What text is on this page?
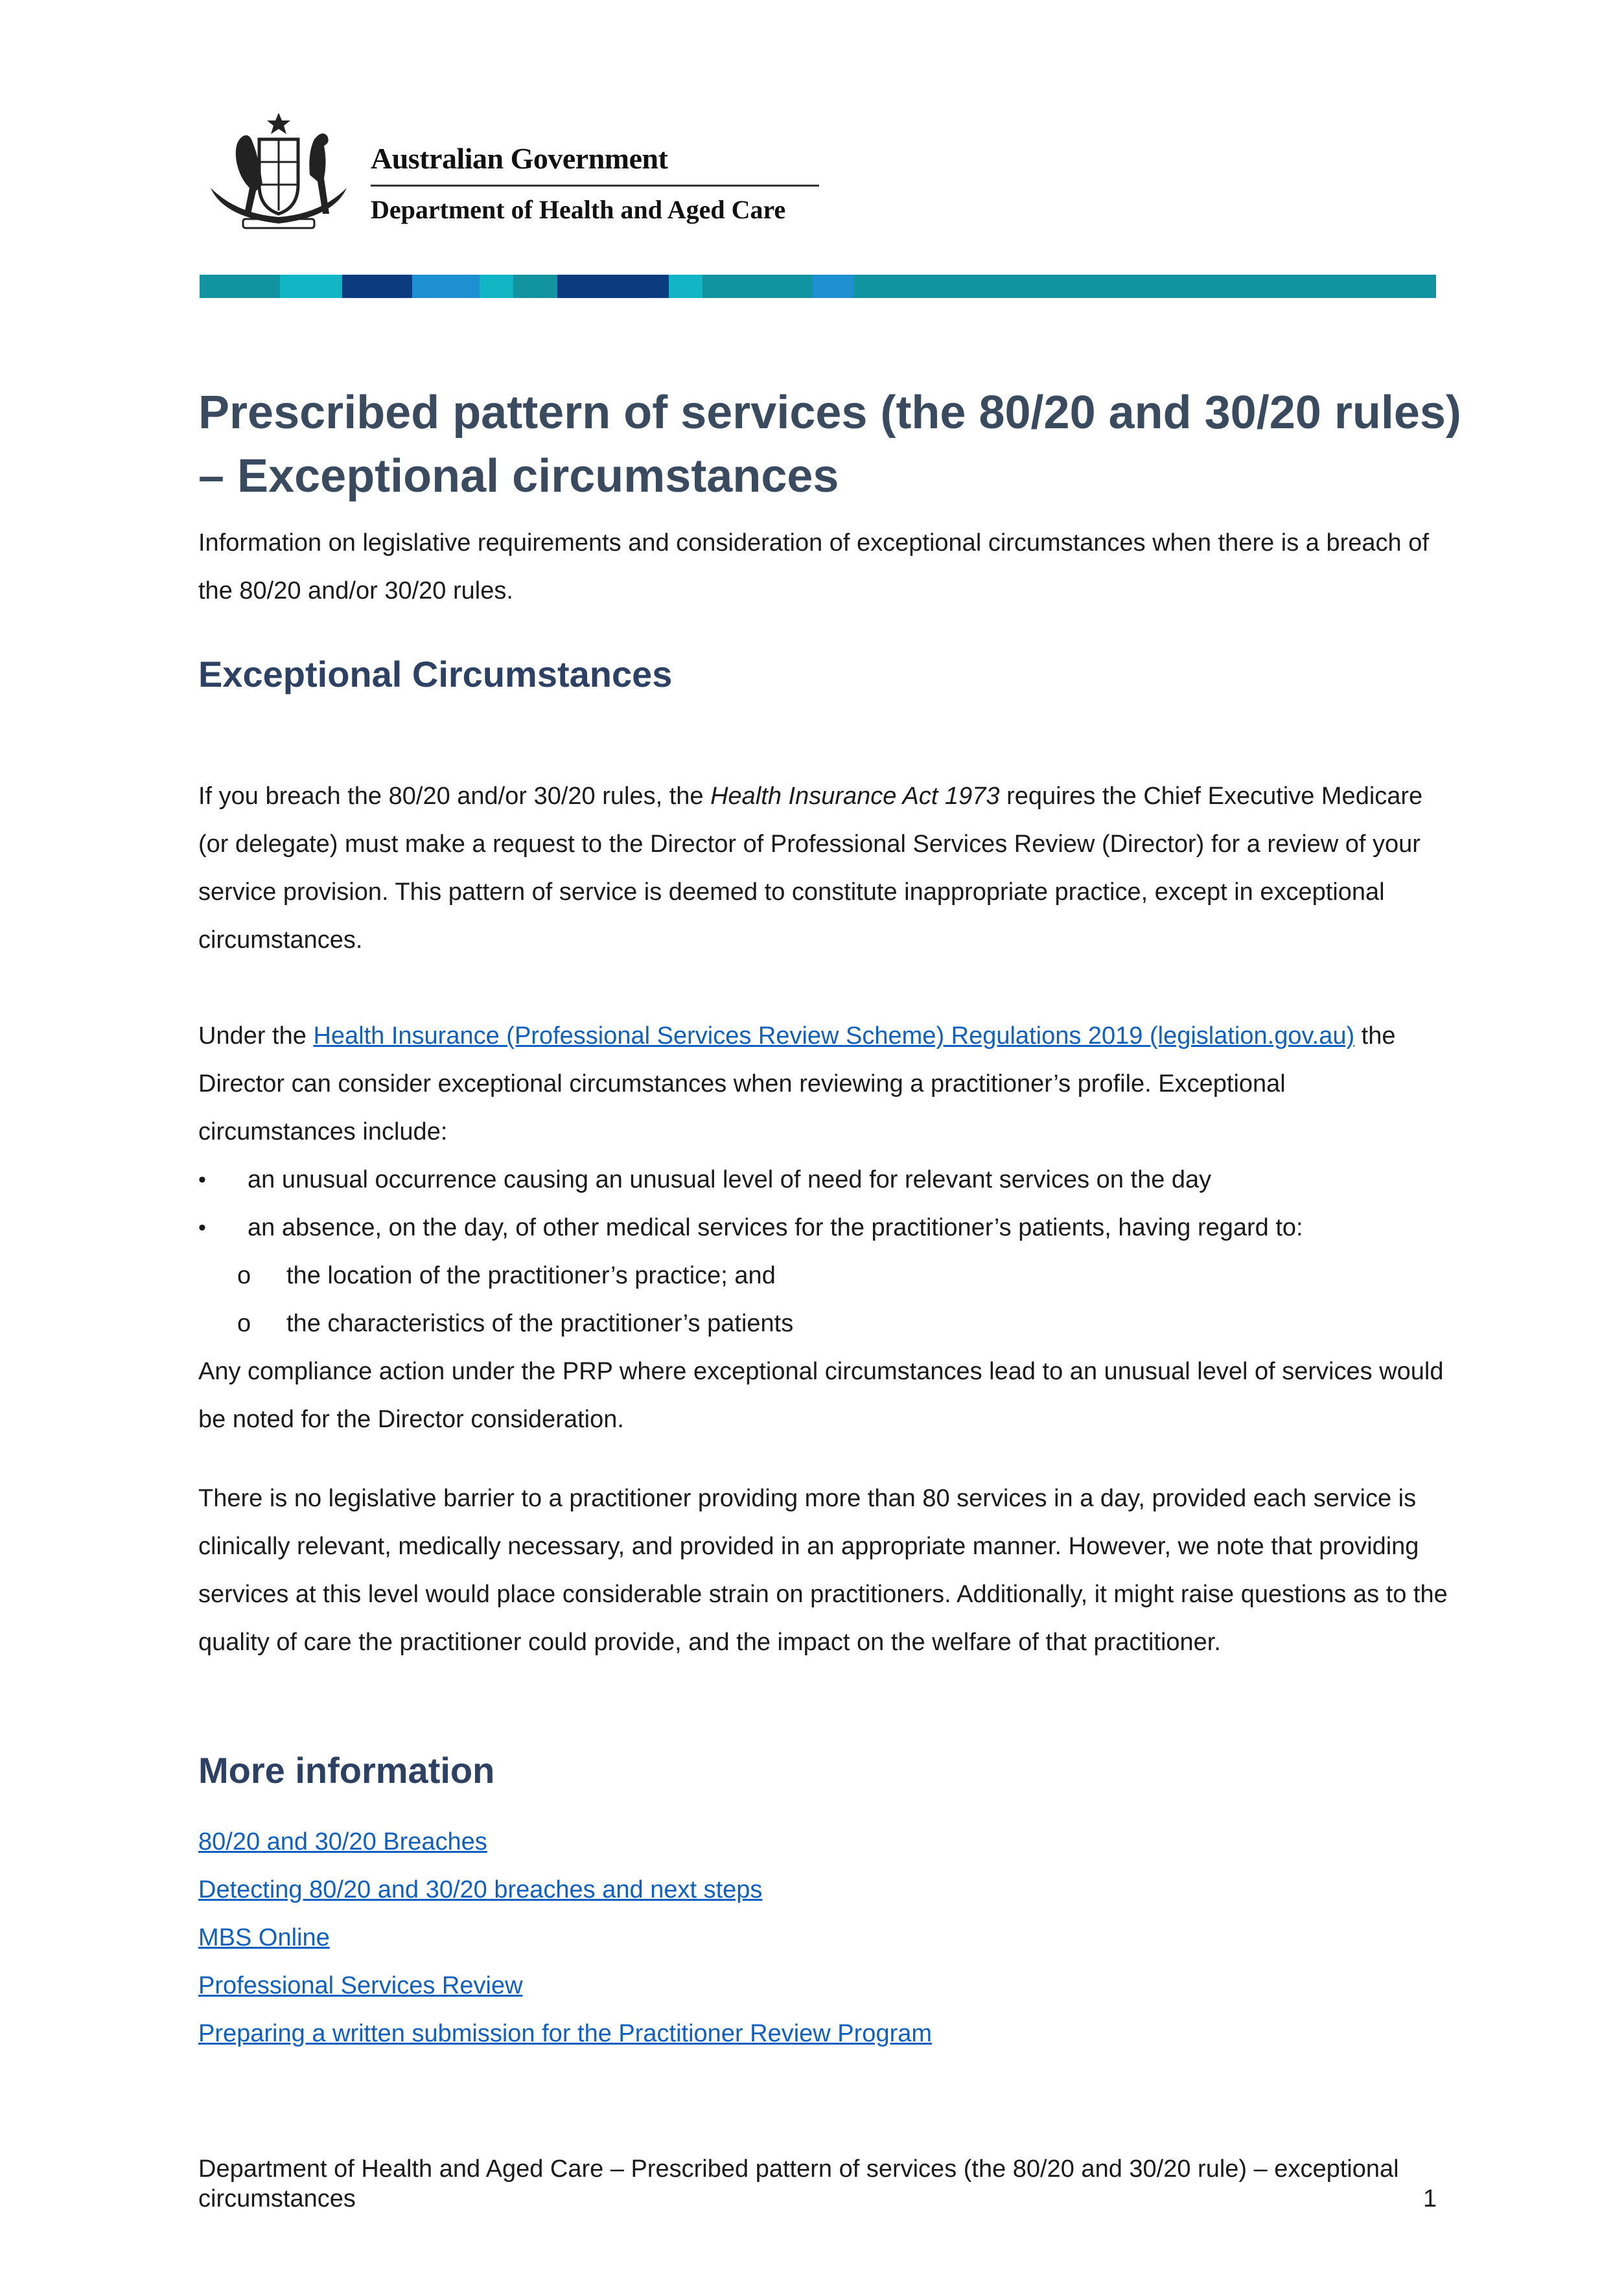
Australian Government
Department of Health and Aged Care
Prescribed pattern of services (the 80/20 and 30/20 rules) – Exceptional circumstances

Information on legislative requirements and consideration of exceptional circumstances when there is a breach of the 80/20 and/or 30/20 rules.

Exceptional Circumstances

If you breach the 80/20 and/or 30/20 rules, the Health Insurance Act 1973 requires the Chief Executive Medicare (or delegate) must make a request to the Director of Professional Services Review (Director) for a review of your service provision. This pattern of service is deemed to constitute inappropriate practice, except in exceptional circumstances.

Under the Health Insurance (Professional Services Review Scheme) Regulations 2019 (legislation.gov.au) the Director can consider exceptional circumstances when reviewing a practitioner’s profile. Exceptional circumstances include:

• an unusual occurrence causing an unusual level of need for relevant services on the day
• an absence, on the day, of other medical services for the practitioner’s patients, having regard to:
o the location of the practitioner’s practice; and
o the characteristics of the practitioner’s patients

Any compliance action under the PRP where exceptional circumstances lead to an unusual level of services would be noted for the Director consideration.

There is no legislative barrier to a practitioner providing more than 80 services in a day, provided each service is clinically relevant, medically necessary, and provided in an appropriate manner. However, we note that providing services at this level would place considerable strain on practitioners. Additionally, it might raise questions as to the quality of care the practitioner could provide, and the impact on the welfare of that practitioner.

More information
80/20 and 30/20 Breaches
Detecting 80/20 and 30/20 breaches and next steps
MBS Online
Professional Services Review
Preparing a written submission for the Practitioner Review Program
Department of Health and Aged Care – Prescribed pattern of services (the 80/20 and 30/20 rule) – exceptional circumstances	1
